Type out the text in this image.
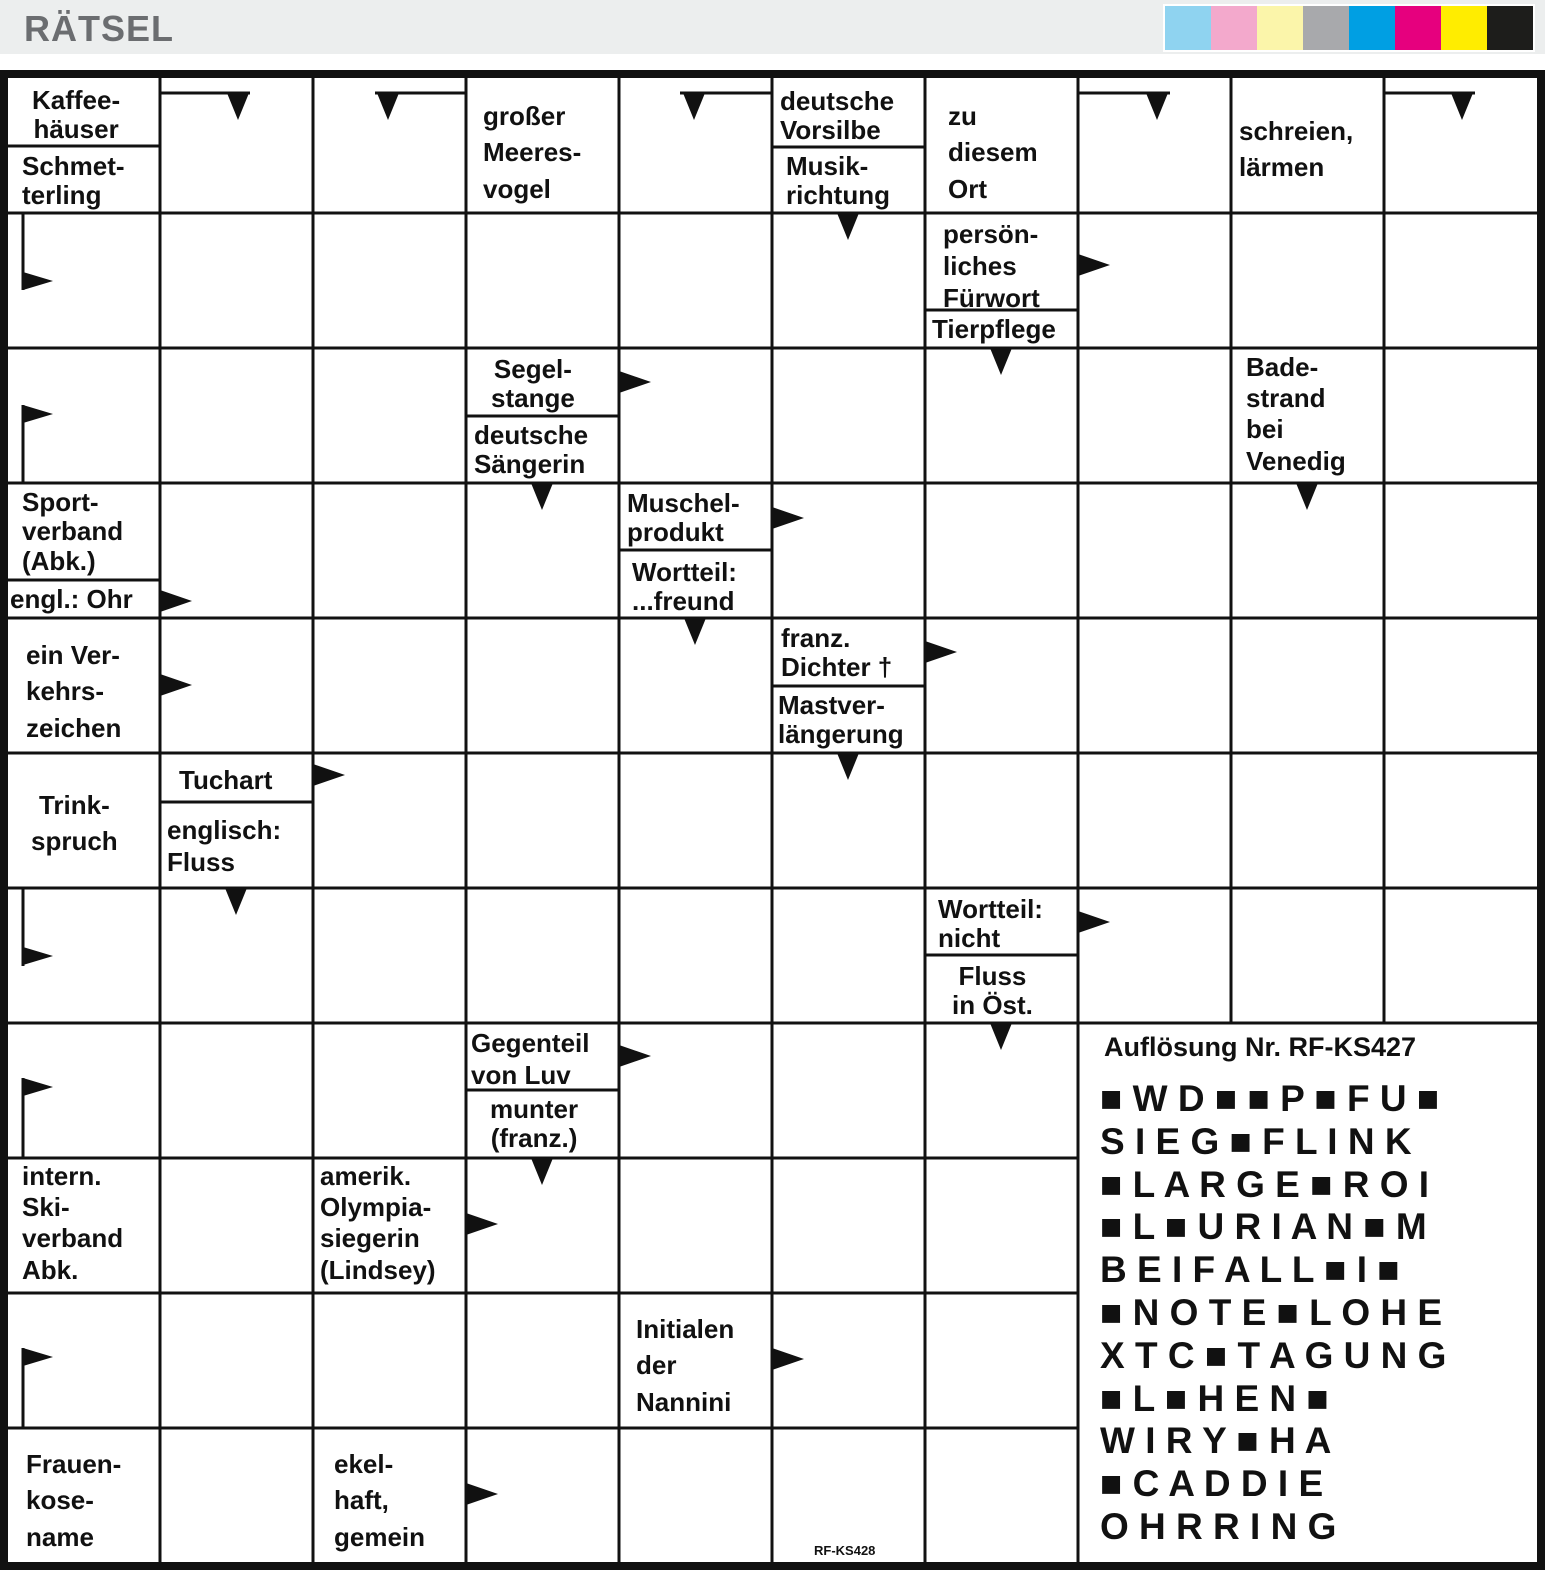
RÄTSEL
Kaffee-
häuser
Schmet-
terling
großer
Meeres-
vogel
deutsche
Vorsilbe
Musik-
richtung
zu
diesem
Ort
schreien,
lärmen
persön-
liches
Fürwort
Tierpflege
Segel-
stange
deutsche
Sängerin
Bade-
strand
bei
Venedig
Sport-
verband
(Abk.)
engl.: Ohr
Muschel-
produkt
Wortteil:
...freund
ein Ver-
kehrs-
zeichen
franz.
Dichter †
Mastver-
längerung
Trink-
spruch
Tuchart
englisch:
Fluss
Wortteil:
nicht
Fluss
in Öst.
Gegenteil
von Luv
munter
(franz.)
intern.
Ski-
verband
Abk.
amerik.
Olympia-
siegerin
(Lindsey)
Initialen
der
Nannini
Frauen-
kose-
name
ekel-
haft,
gemein
Auflösung Nr. RF-KS427
■ W D ■ ■ P ■ F U ■
S I E G ■ F L I N K
■ L A R G E ■ R O I
■ L ■ U R I A N ■ M
B E I F A L L ■ I ■
■ N O T E ■ L O H E
X T C ■ T A G U N G
■ L ■ H E N ■
W I R Y ■ H A
■ C A D D I E
O H R R I N G
RF-KS428
